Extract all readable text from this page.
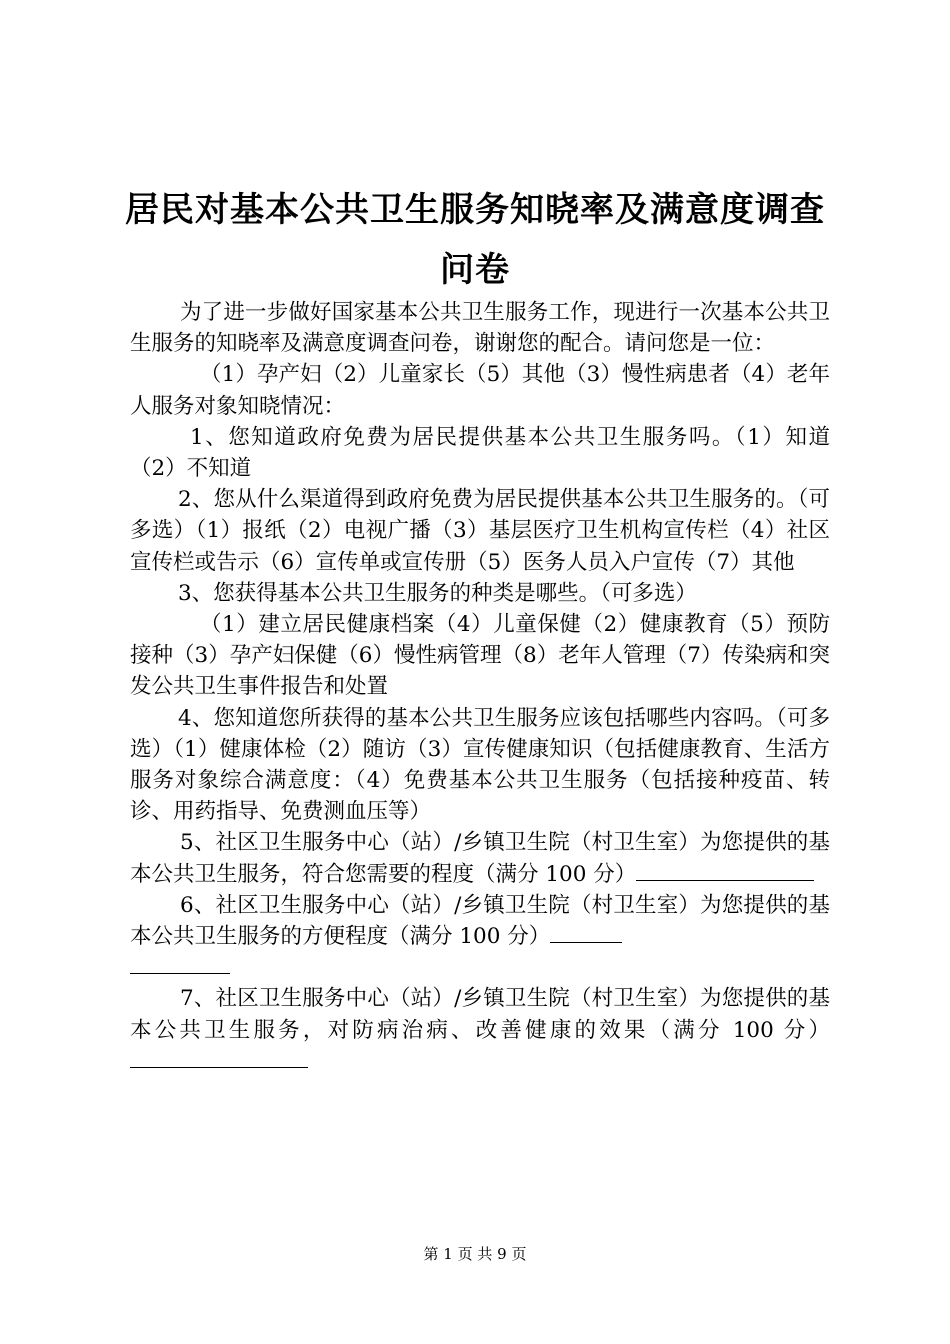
居民对基本公共卫生服务知晓率及满意度调查
问卷

为了进一步做好国家基本公共卫生服务工作，现进行一次基本公共卫生服务的知晓率及满意度调查问卷，谢谢您的配合。请问您是一位：

（1）孕产妇（2）儿童家长（5）其他（3）慢性病患者（4）老年人服务对象知晓情况：

1、您知道政府免费为居民提供基本公共卫生服务吗。（1）知道（2）不知道

2、您从什么渠道得到政府免费为居民提供基本公共卫生服务的。（可多选）（1）报纸（2）电视广播（3）基层医疗卫生机构宣传栏（4）社区宣传栏或告示（6）宣传单或宣传册（5）医务人员入户宣传（7）其他

3、您获得基本公共卫生服务的种类是哪些。（可多选）

（1）建立居民健康档案（4）儿童保健（2）健康教育（5）预防接种（3）孕产妇保健（6）慢性病管理（8）老年人管理（7）传染病和突发公共卫生事件报告和处置

4、您知道您所获得的基本公共卫生服务应该包括哪些内容吗。（可多选）（1）健康体检（2）随访（3）宣传健康知识（包括健康教育、生活方服务对象综合满意度：（4）免费基本公共卫生服务（包括接种疫苗、转诊、用药指导、免费测血压等）

5、社区卫生服务中心（站）/乡镇卫生院（村卫生室）为您提供的基本公共卫生服务，符合您需要的程度（满分 100 分）

6、社区卫生服务中心（站）/乡镇卫生院（村卫生室）为您提供的基本公共卫生服务的方便程度（满分 100 分）

7、社区卫生服务中心（站）/乡镇卫生院（村卫生室）为您提供的基本公共卫生服务，对防病治病、改善健康的效果（满分 100 分）

第 1 页 共 9 页
